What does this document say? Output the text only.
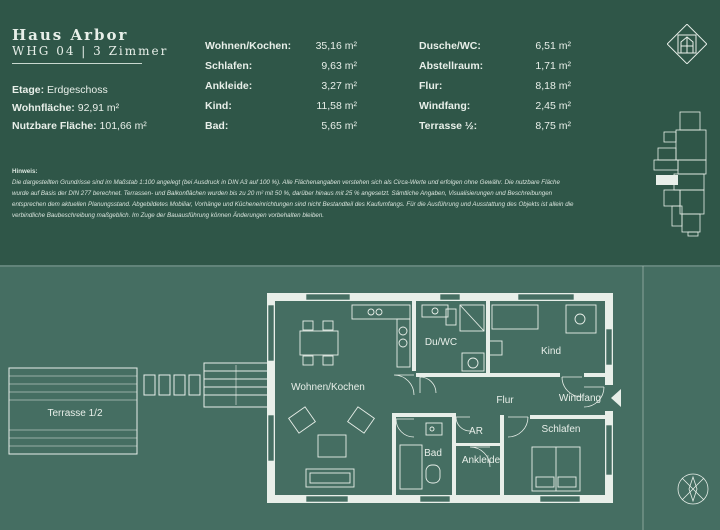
Haus Arbor
WHG 04 | 3 Zimmer
Etage: Erdgeschoss
Wohnfläche: 92,91 m²
Nutzbare Fläche: 101,66 m²
Wohnen/Kochen:	35,16 m²
Schlafen:	9,63 m²
Ankleide:	3,27 m²
Kind:	11,58 m²
Bad:	5,65 m²
Dusche/WC:	6,51 m²
Abstellraum:	1,71 m²
Flur:	8,18 m²
Windfang:	2,45 m²
Terrasse ½:	8,75 m²
Hinweis:
Die dargestellten Grundrisse sind im Maßstab 1:100 angelegt (bei Ausdruck in DIN A3 auf 100 %). Alle Flächenangaben verstehen sich als Circa-Werte und erfolgen ohne Gewähr. Die nutzbare Fläche wurde auf Basis der DIN 277 berechnet. Terrassen- und Balkonflächen wurden bis zu 20 m² mit 50 %, darüber hinaus mit 25 % angesetzt. Sämtliche Angaben, Visualisierungen und Beschreibungen entsprechen dem aktuellen Planungsstand. Abgebildetes Mobiliar, Vorhänge und Kücheneinrichtungen sind nicht Bestandteil des Kaufumfangs. Für die Ausführung und Ausstattung des Objekts ist allein die verbindliche Baubeschreibung maßgeblich. Im Zuge der Bauausführung können Änderungen vorbehalten bleiben.
Terrasse 1/2
Wohnen/Kochen
Du/WC
Kind
Flur	Windfang
AR	Schlafen
Bad
Ankleide
